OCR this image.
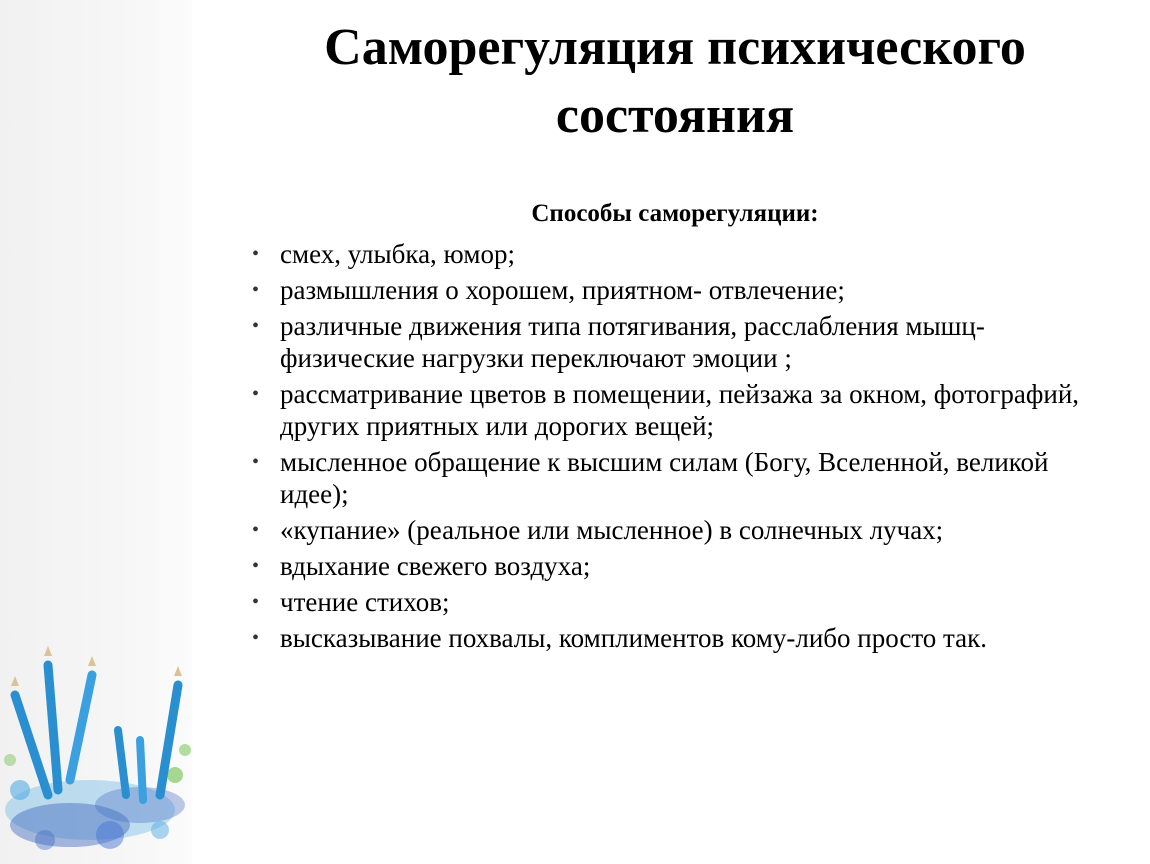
Саморегуляция психического состояния
Способы саморегуляции:
• смех, улыбка, юмор;
• размышления о хорошем, приятном- отвлечение;
• различные движения типа потягивания, расслабления мышц- физические нагрузки переключают эмоции ;
• рассматривание цветов в помещении, пейзажа за окном, фотографий, других приятных или дорогих вещей;
• мысленное обращение к высшим силам (Богу, Вселенной, великой идее);
• «купание» (реальное или мысленное) в солнечных лучах;
• вдыхание свежего воздуха;
• чтение стихов;
• высказывание похвалы, комплиментов кому-либо просто так.
